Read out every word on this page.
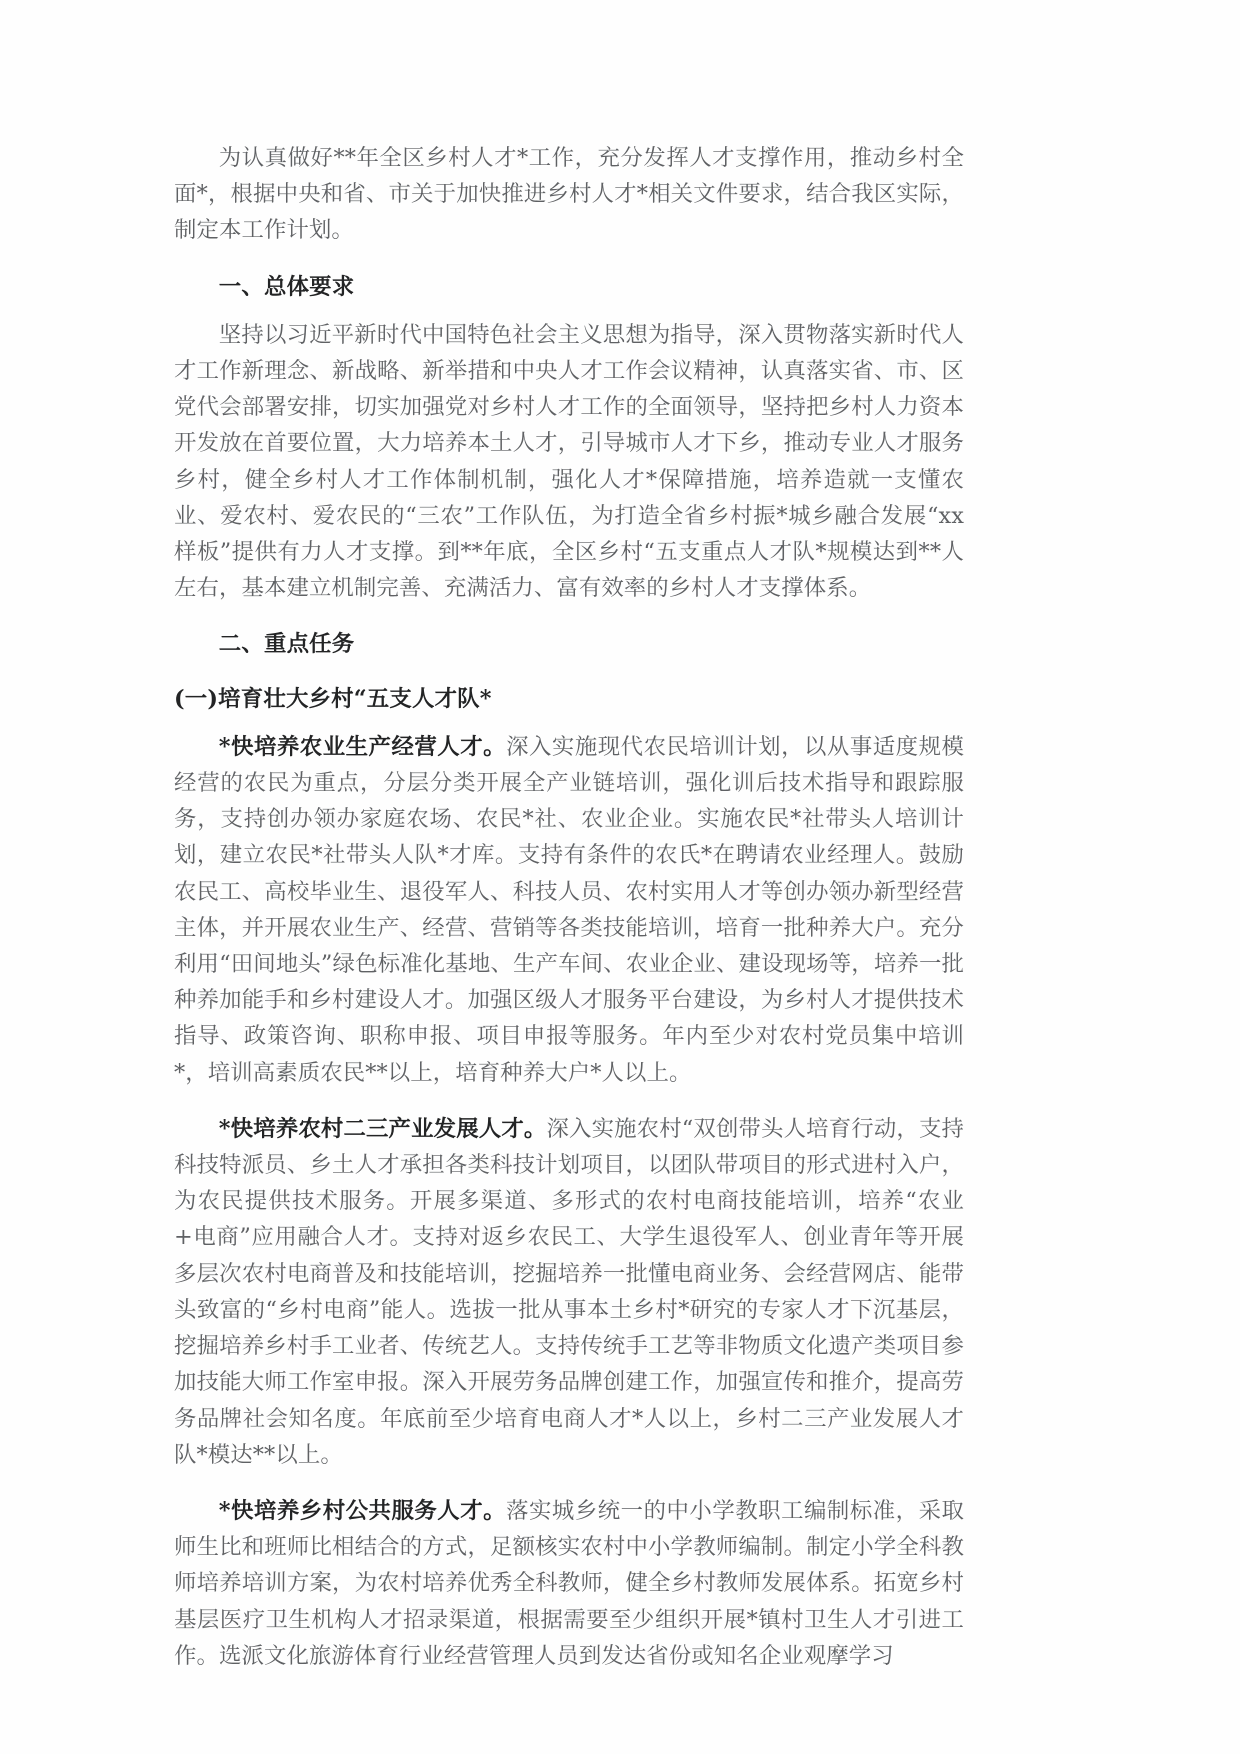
为认真做好**年全区乡村人才*工作，充分发挥人才支撑作用，推动乡村全面*，根据中央和省、市关于加快推进乡村人才*相关文件要求，结合我区实际，制定本工作计划。

一、总体要求

坚持以习近平新时代中国特色社会主义思想为指导，深入贯物落实新时代人才工作新理念、新战略、新举措和中央人才工作会议精神，认真落实省、市、区党代会部署安排，切实加强党对乡村人才工作的全面领导，坚持把乡村人力资本开发放在首要位置，大力培养本土人才，引导城市人才下乡，推动专业人才服务乡村，健全乡村人才工作体制机制，强化人才*保障措施，培养造就一支懂农业、爱农村、爱农民的“三农”工作队伍，为打造全省乡村振*城乡融合发展“xx样板”提供有力人才支撑。到**年底，全区乡村“五支重点人才队*规模达到**人左右，基本建立机制完善、充满活力、富有效率的乡村人才支撑体系。

二、重点任务
(一)培育壮大乡村“五支人才队*

*快培养农业生产经营人才。深入实施现代农民培训计划，以从事适度规模经营的农民为重点，分层分类开展全产业链培训，强化训后技术指导和跟踪服务，支持创办领办家庭农场、农民*社、农业企业。实施农民*社带头人培训计划，建立农民*社带头人队*才库。支持有条件的农氏*在聘请农业经理人。鼓励农民工、高校毕业生、退役军人、科技人员、农村实用人才等创办领办新型经营主体，并开展农业生产、经营、营销等各类技能培训，培育一批种养大户。充分利用“田间地头”绿色标准化基地、生产车间、农业企业、建设现场等，培养一批种养加能手和乡村建设人才。加强区级人才服务平台建设，为乡村人才提供技术指导、政策咨询、职称申报、项目申报等服务。年内至少对农村党员集中培训*，培训高素质农民**以上，培育种养大户*人以上。

*快培养农村二三产业发展人才。深入实施农村“双创带头人培育行动，支持科技特派员、乡土人才承担各类科技计划项目，以团队带项目的形式进村入户，为农民提供技术服务。开展多渠道、多形式的农村电商技能培训，培养“农业+电商”应用融合人才。支持对返乡农民工、大学生退役军人、创业青年等开展多层次农村电商普及和技能培训，挖掘培养一批懂电商业务、会经营网店、能带头致富的“乡村电商”能人。选拔一批从事本土乡村*研究的专家人才下沉基层，挖掘培养乡村手工业者、传统艺人。支持传统手工艺等非物质文化遗产类项目参加技能大师工作室申报。深入开展劳务品牌创建工作，加强宣传和推介，提高劳务品牌社会知名度。年底前至少培育电商人才*人以上，乡村二三产业发展人才队*模达**以上。

*快培养乡村公共服务人才。落实城乡统一的中小学教职工编制标准，采取师生比和班师比相结合的方式，足额核实农村中小学教师编制。制定小学全科教师培养培训方案，为农村培养优秀全科教师，健全乡村教师发展体系。拓宽乡村基层医疗卫生机构人才招录渠道，根据需要至少组织开展*镇村卫生人才引进工作。选派文化旅游体育行业经营管理人员到发达省份或知名企业观摩学习
